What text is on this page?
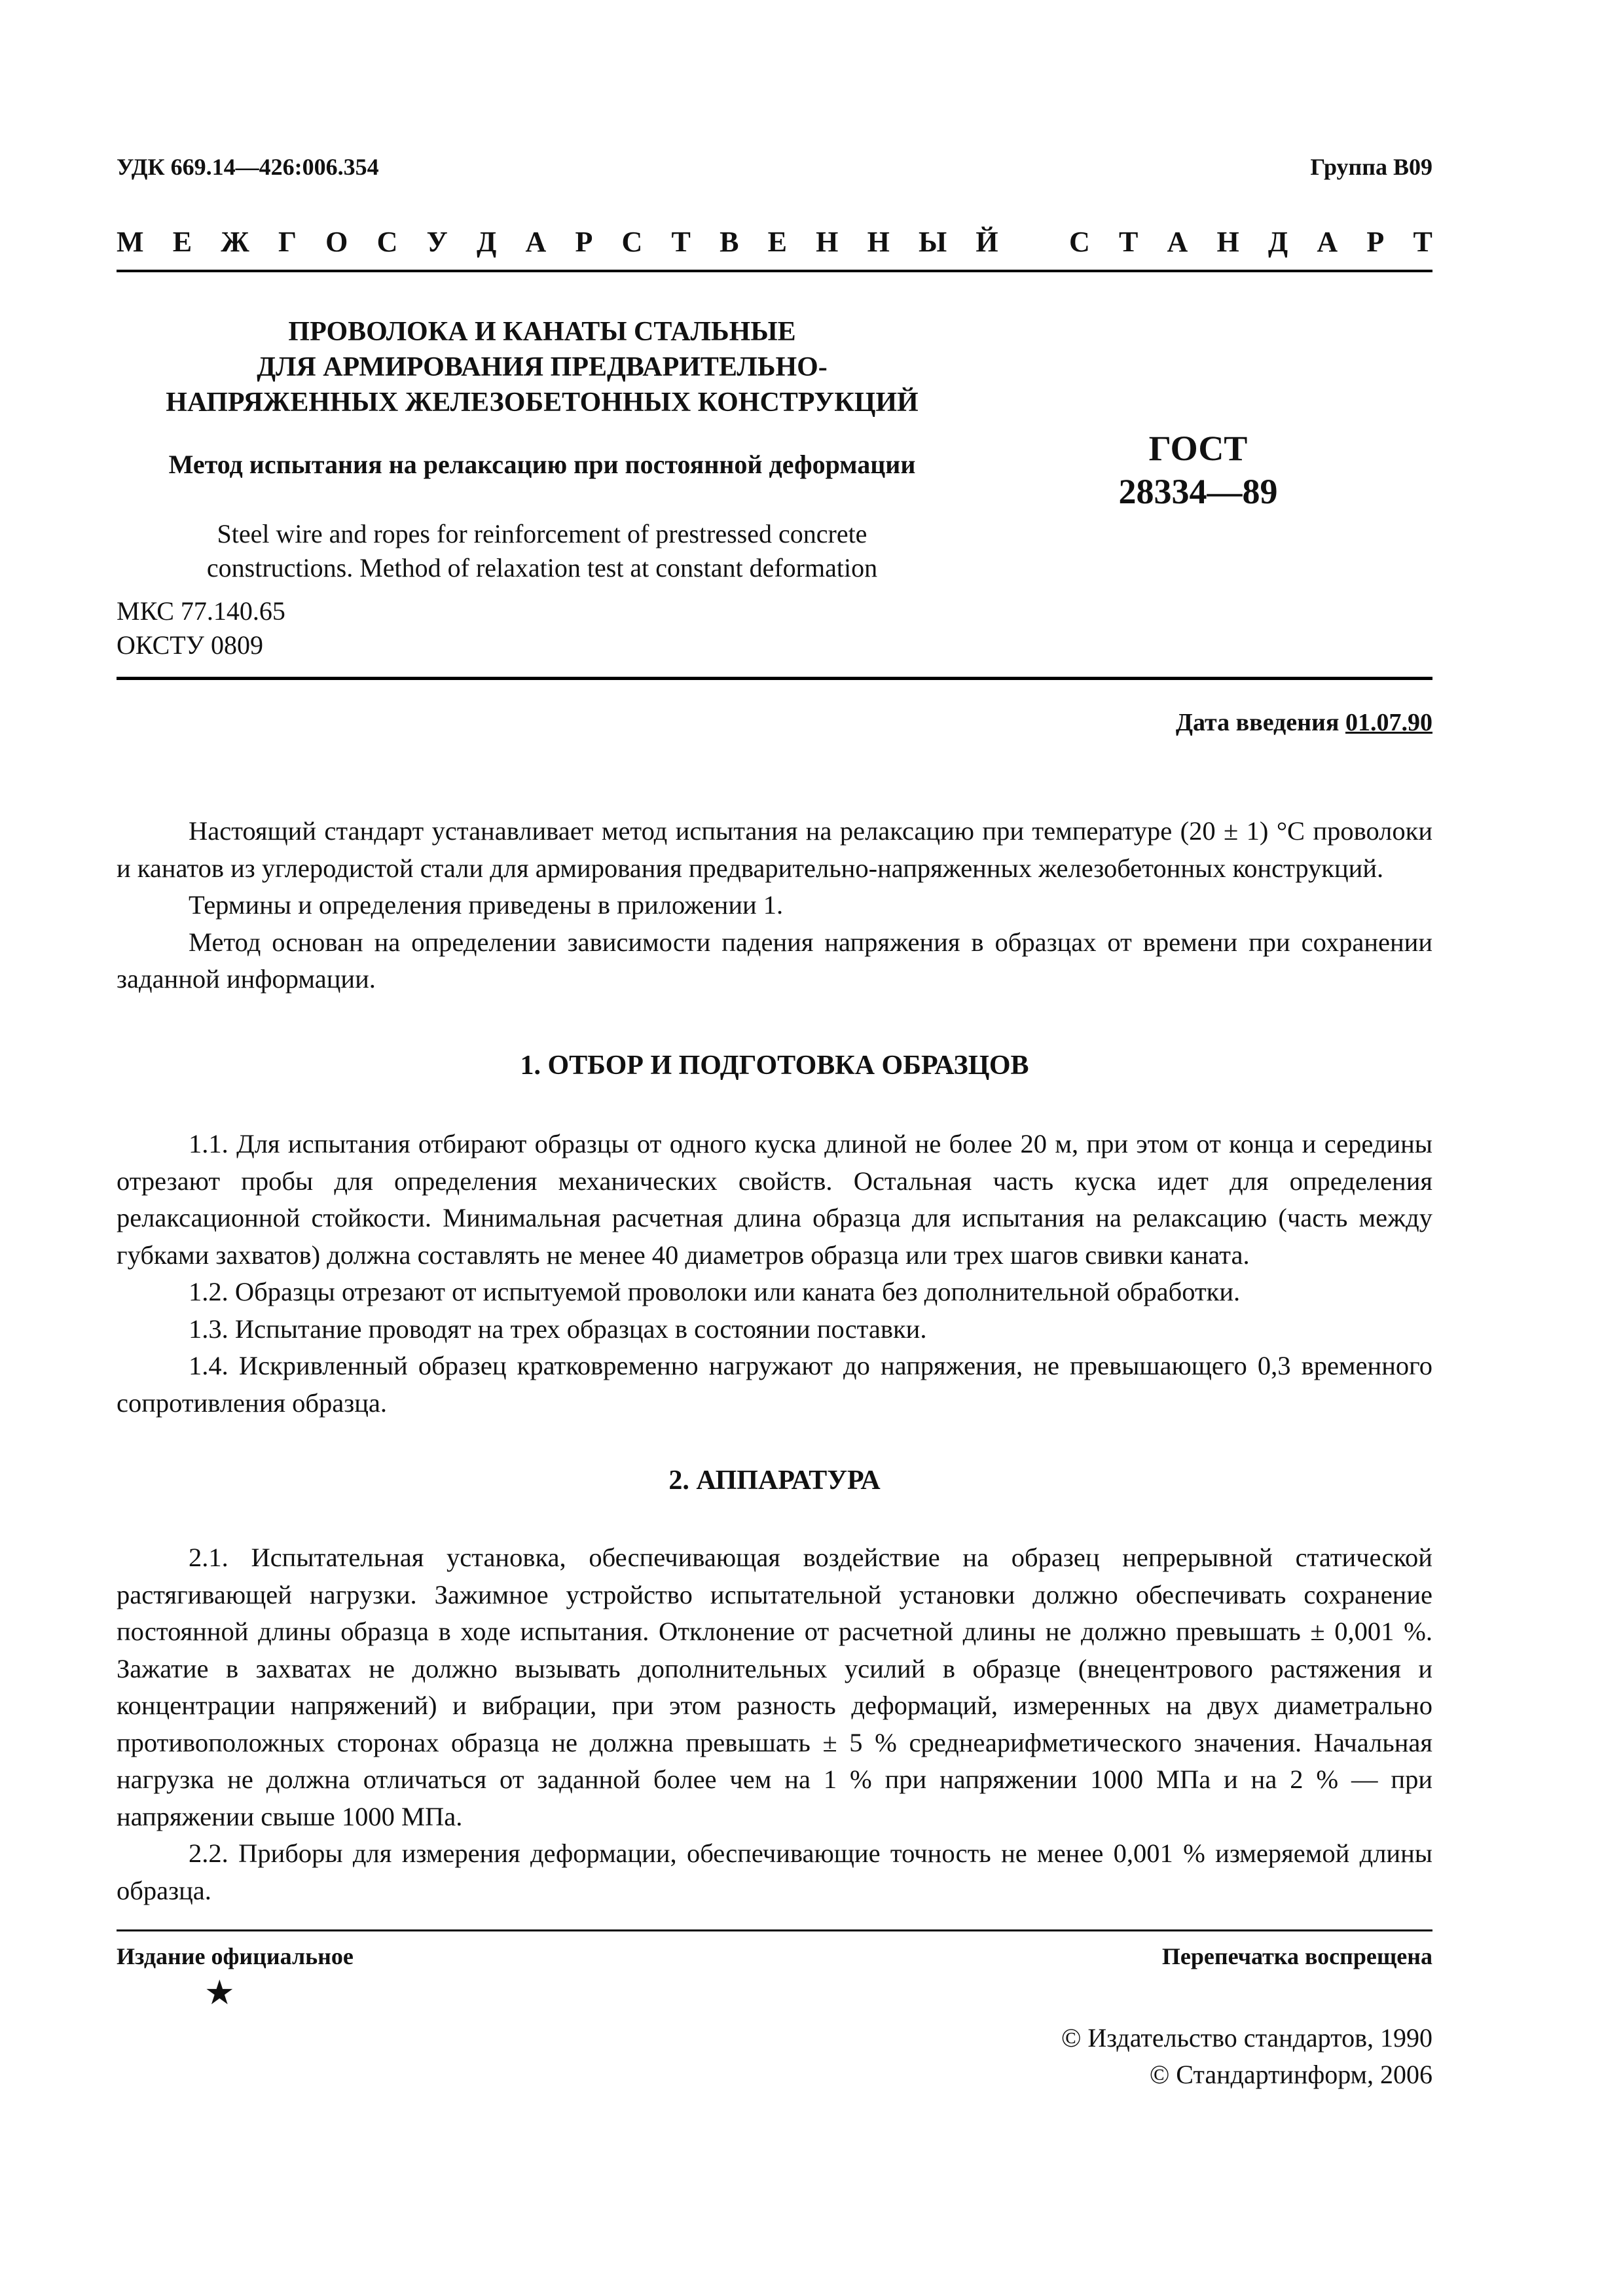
УДК 669.14—426:006.354	Группа В09
М Е Ж Г О С У Д А Р С Т В Е Н Н Ы Й С Т А Н Д А Р Т
ПРОВОЛОКА И КАНАТЫ СТАЛЬНЫЕ
ДЛЯ АРМИРОВАНИЯ ПРЕДВАРИТЕЛЬНО-
НАПРЯЖЕННЫХ ЖЕЛЕЗОБЕТОННЫХ КОНСТРУКЦИЙ
Метод испытания на релаксацию при постоянной деформации	ГОСТ
28334—89
Steel wire and ropes for reinforcement of prestressed concrete
constructions. Method of relaxation test at constant deformation
МКС 77.140.65
ОКСТУ 0809
Дата введения 01.07.90

Настоящий стандарт устанавливает метод испытания на релаксацию при температуре (20 ± 1) °С проволоки и канатов из углеродистой стали для армирования предварительно-напряженных железобетонных конструкций.

Термины и определения приведены в приложении 1.

Метод основан на определении зависимости падения напряжения в образцах от времени при сохранении заданной информации.

1. ОТБОР И ПОДГОТОВКА ОБРАЗЦОВ

1.1. Для испытания отбирают образцы от одного куска длиной не более 20 м, при этом от конца и середины отрезают пробы для определения механических свойств. Остальная часть куска идет для определения релаксационной стойкости. Минимальная расчетная длина образца для испытания на релаксацию (часть между губками захватов) должна составлять не менее 40 диаметров образца или трех шагов свивки каната.

1.2. Образцы отрезают от испытуемой проволоки или каната без дополнительной обработки.

1.3. Испытание проводят на трех образцах в состоянии поставки.

1.4. Искривленный образец кратковременно нагружают до напряжения, не превышающего 0,3 временного сопротивления образца.

2. АППАРАТУРА

2.1. Испытательная установка, обеспечивающая воздействие на образец непрерывной статической растягивающей нагрузки. Зажимное устройство испытательной установки должно обеспечивать сохранение постоянной длины образца в ходе испытания. Отклонение от расчетной длины не должно превышать ± 0,001 %. Зажатие в захватах не должно вызывать дополнительных усилий в образце (внецентрового растяжения и концентрации напряжений) и вибрации, при этом разность деформаций, измеренных на двух диаметрально противоположных сторонах образца не должна превышать ± 5 % среднеарифметического значения. Начальная нагрузка не должна отличаться от заданной более чем на 1 % при напряжении 1000 МПа и на 2 % — при напряжении свыше 1000 МПа.

2.2. Приборы для измерения деформации, обеспечивающие точность не менее 0,001 % измеряемой длины образца.

Издание официальное	Перепечатка воспрещена
★
© Издательство стандартов, 1990
© Стандартинформ, 2006
